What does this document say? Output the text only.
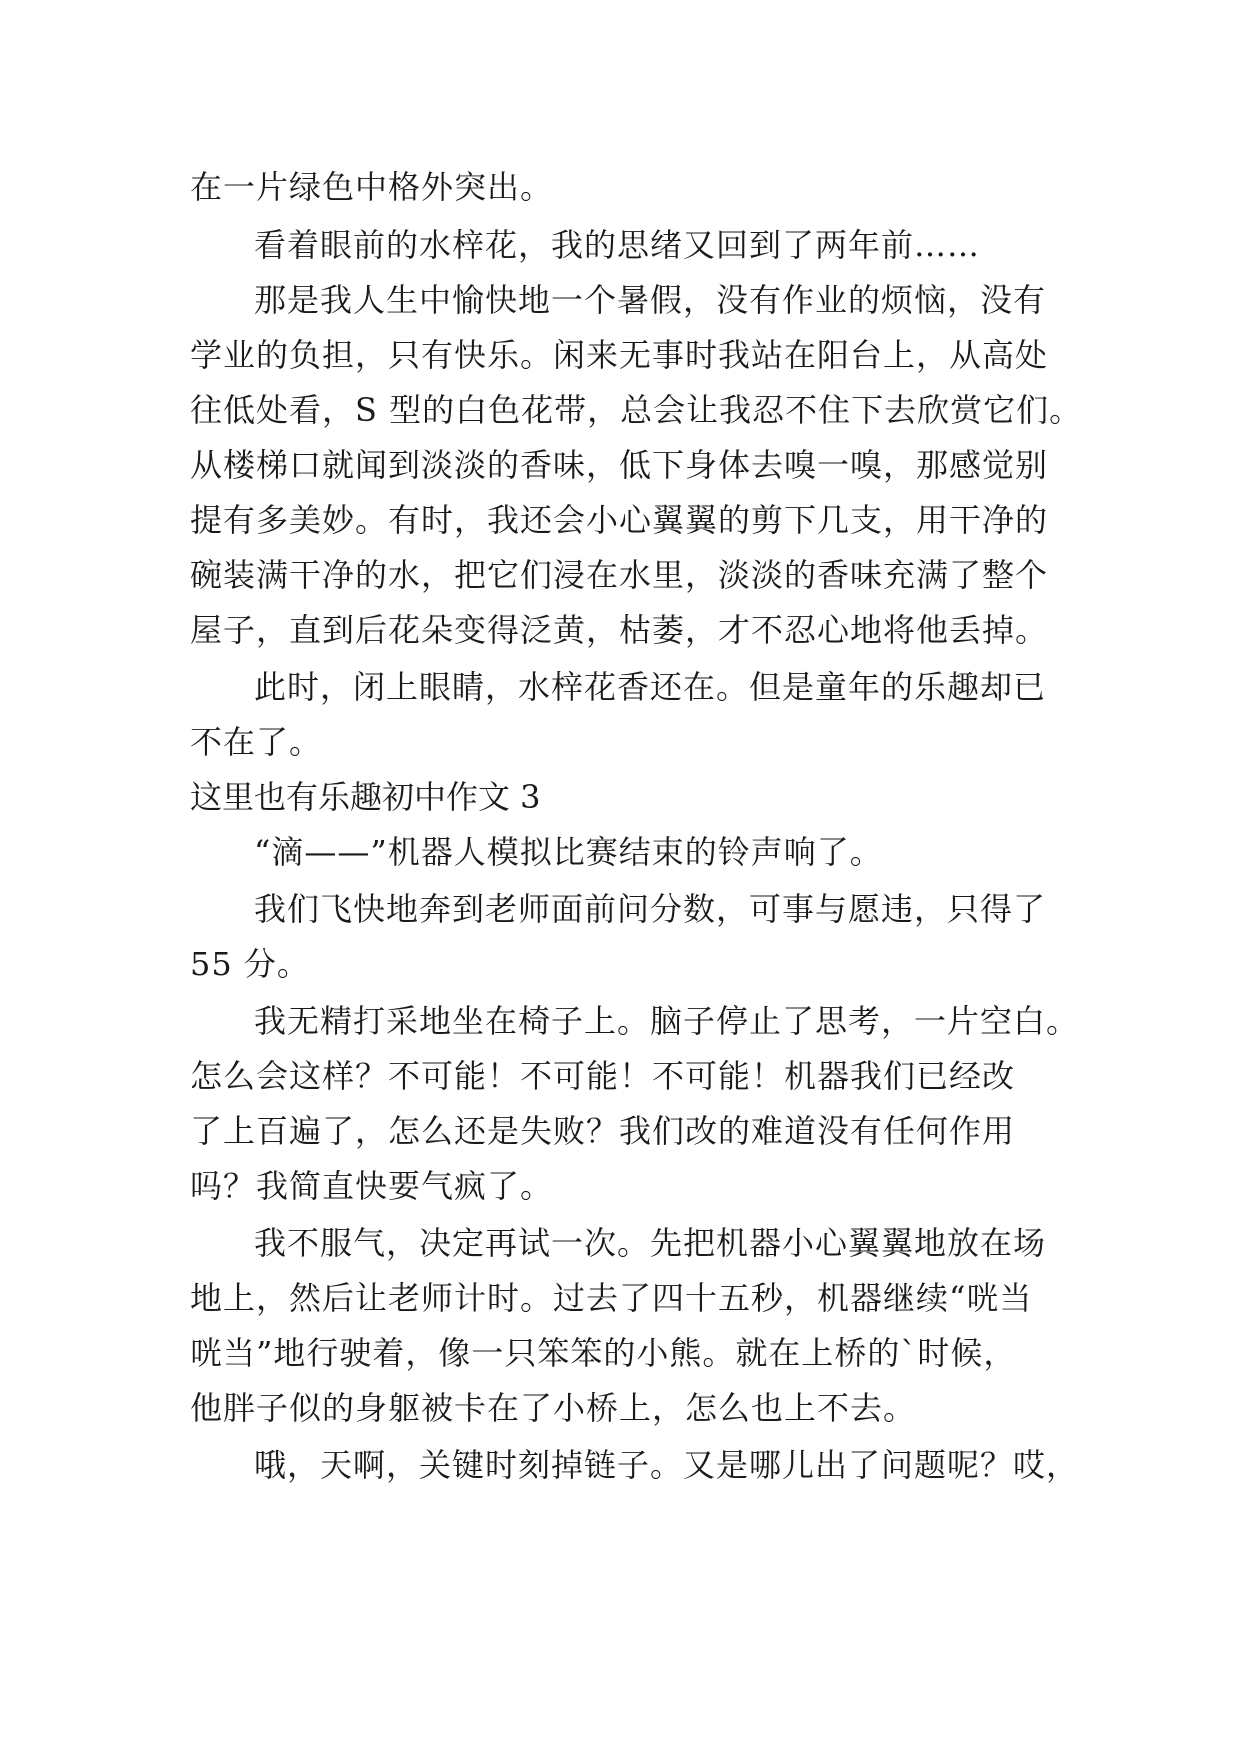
在一片绿色中格外突出。
看着眼前的水梓花，我的思绪又回到了两年前……
那是我人生中愉快地一个暑假，没有作业的烦恼，没有
学业的负担，只有快乐。闲来无事时我站在阳台上，从高处
往低处看，S 型的白色花带，总会让我忍不住下去欣赏它们。
从楼梯口就闻到淡淡的香味，低下身体去嗅一嗅，那感觉别
提有多美妙。有时，我还会小心翼翼的剪下几支，用干净的
碗装满干净的水，把它们浸在水里，淡淡的香味充满了整个
屋子，直到后花朵变得泛黄，枯萎，才不忍心地将他丢掉。
此时，闭上眼睛，水梓花香还在。但是童年的乐趣却已
不在了。
这里也有乐趣初中作文 3
“滴——”机器人模拟比赛结束的铃声响了。
我们飞快地奔到老师面前问分数，可事与愿违，只得了
55 分。
我无精打采地坐在椅子上。脑子停止了思考，一片空白。
怎么会这样？不可能！不可能！不可能！机器我们已经改
了上百遍了，怎么还是失败？我们改的难道没有任何作用
吗？我简直快要气疯了。
我不服气，决定再试一次。先把机器小心翼翼地放在场
地上，然后让老师计时。过去了四十五秒，机器继续“咣当
咣当”地行驶着，像一只笨笨的小熊。就在上桥的`时候，
他胖子似的身躯被卡在了小桥上，怎么也上不去。
哦，天啊，关键时刻掉链子。又是哪儿出了问题呢？哎，
